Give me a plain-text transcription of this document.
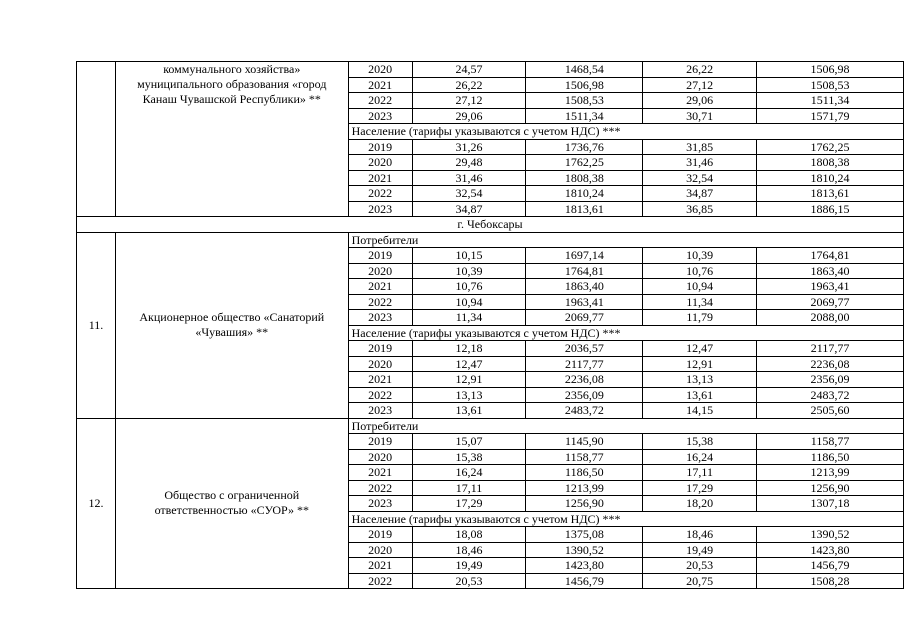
	коммунального хозяйства» муниципального образования «город Канаш Чувашской Республики» **	2020	24,57	1468,54	26,22	1506,98
		2021	26,22	1506,98	27,12	1508,53
		2022	27,12	1508,53	29,06	1511,34
		2023	29,06	1511,34	30,71	1571,79
		Население (тарифы указываются с учетом НДС) ***				
		2019	31,26	1736,76	31,85	1762,25
		2020	29,48	1762,25	31,46	1808,38
		2021	31,46	1808,38	32,54	1810,24
		2022	32,54	1810,24	34,87	1813,61
		2023	34,87	1813,61	36,85	1886,15
г. Чебоксары						
11.	Акционерное общество «Санаторий «Чувашия» **	Потребители				
		2019	10,15	1697,14	10,39	1764,81
		2020	10,39	1764,81	10,76	1863,40
		2021	10,76	1863,40	10,94	1963,41
		2022	10,94	1963,41	11,34	2069,77
		2023	11,34	2069,77	11,79	2088,00
		Население (тарифы указываются с учетом НДС) ***				
		2019	12,18	2036,57	12,47	2117,77
		2020	12,47	2117,77	12,91	2236,08
		2021	12,91	2236,08	13,13	2356,09
		2022	13,13	2356,09	13,61	2483,72
		2023	13,61	2483,72	14,15	2505,60
12.	Общество с ограниченной ответственностью «СУОР» **	Потребители				
		2019	15,07	1145,90	15,38	1158,77
		2020	15,38	1158,77	16,24	1186,50
		2021	16,24	1186,50	17,11	1213,99
		2022	17,11	1213,99	17,29	1256,90
		2023	17,29	1256,90	18,20	1307,18
		Население (тарифы указываются с учетом НДС) ***				
		2019	18,08	1375,08	18,46	1390,52
		2020	18,46	1390,52	19,49	1423,80
		2021	19,49	1423,80	20,53	1456,79
		2022	20,53	1456,79	20,75	1508,28
